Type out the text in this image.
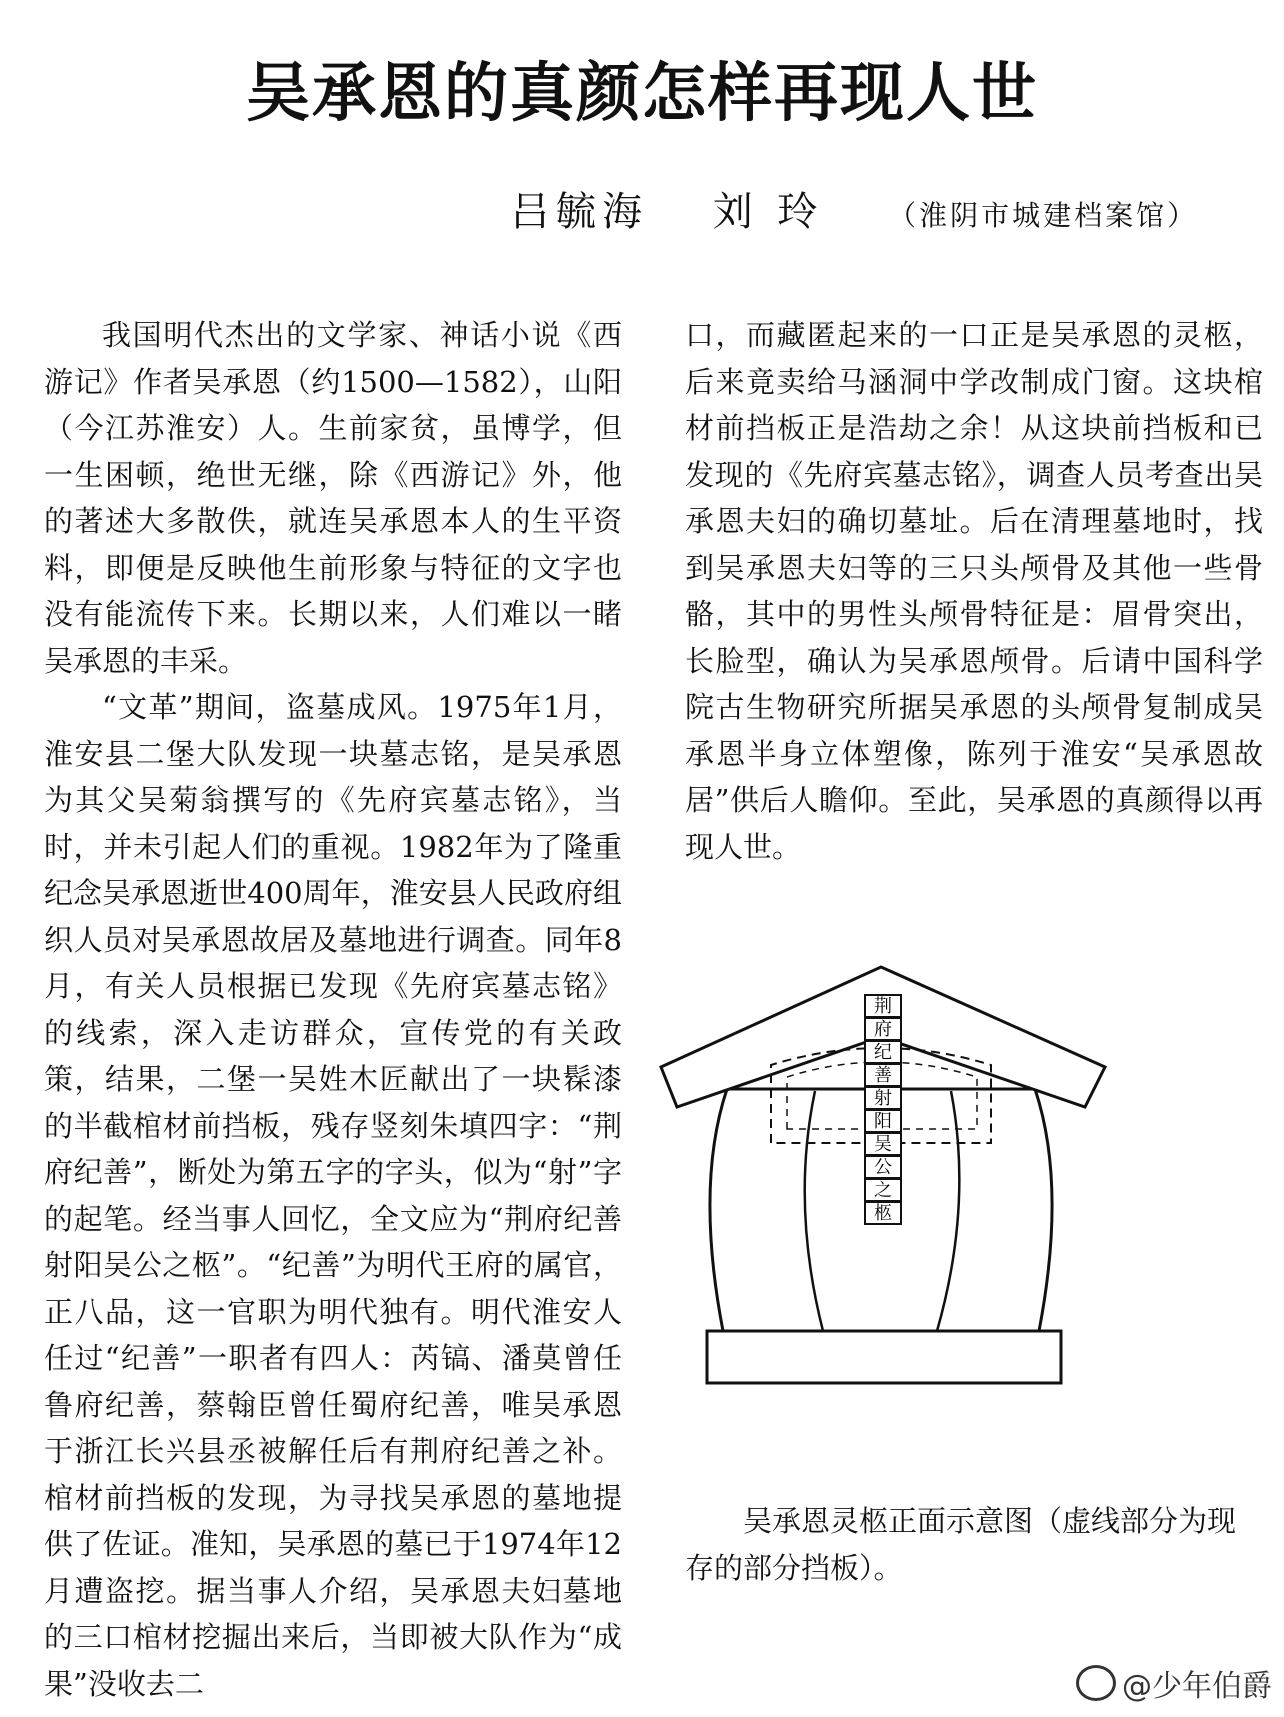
吴承恩的真颜怎样再现人世
吕毓海 刘 玲 （淮阴市城建档案馆）

我国明代杰出的文学家、神话小说《西游记》作者吴承恩（约1500—1582），山阳（今江苏淮安）人。生前家贫，虽博学，但一生困顿，绝世无继，除《西游记》外，他的著述大多散佚，就连吴承恩本人的生平资料，即便是反映他生前形象与特征的文字也没有能流传下来。长期以来，人们难以一睹吴承恩的丰采。

“文革”期间，盗墓成风。1975年1月，淮安县二堡大队发现一块墓志铭，是吴承恩为其父吴菊翁撰写的《先府宾墓志铭》，当时，并未引起人们的重视。1982年为了隆重纪念吴承恩逝世400周年，淮安县人民政府组织人员对吴承恩故居及墓地进行调查。同年8月，有关人员根据已发现《先府宾墓志铭》的线索，深入走访群众，宣传党的有关政策，结果，二堡一吴姓木匠献出了一块髹漆的半截棺材前挡板，残存竖刻朱填四字：“荆府纪善”，断处为第五字的字头，似为“射”字的起笔。经当事人回忆，全文应为“荆府纪善射阳吴公之柩”。“纪善”为明代王府的属官，正八品，这一官职为明代独有。明代淮安人任过“纪善”一职者有四人：芮镐、潘莫曾任鲁府纪善，蔡翰臣曾任蜀府纪善，唯吴承恩于浙江长兴县丞被解任后有荆府纪善之补。棺材前挡板的发现，为寻找吴承恩的墓地提供了佐证。准知，吴承恩的墓已于1974年12月遭盗挖。据当事人介绍，吴承恩夫妇墓地的三口棺材挖掘出来后，当即被大队作为“成果”没收去二

口，而藏匿起来的一口正是吴承恩的灵柩，后来竟卖给马涵洞中学改制成门窗。这块棺材前挡板正是浩劫之余！从这块前挡板和已发现的《先府宾墓志铭》，调查人员考查出吴承恩夫妇的确切墓址。后在清理墓地时，找到吴承恩夫妇等的三只头颅骨及其他一些骨骼，其中的男性头颅骨特征是：眉骨突出，长脸型，确认为吴承恩颅骨。后请中国科学院古生物研究所据吴承恩的头颅骨复制成吴承恩半身立体塑像，陈列于淮安“吴承恩故居”供后人瞻仰。至此，吴承恩的真颜得以再现人世。

荆
府
纪
善
射
阳
吴
公
之
柩
吴承恩灵柩正面示意图（虚线部分为现存的部分挡板）。
@少年伯爵
